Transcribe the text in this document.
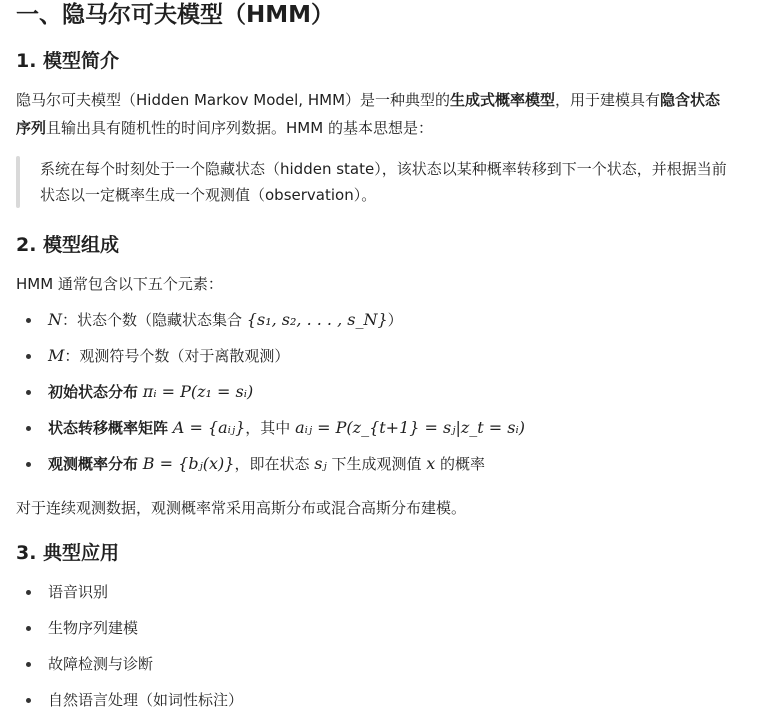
一、隐马尔可夫模型（HMM）
1. 模型简介
隐马尔可夫模型（Hidden Markov Model, HMM）是一种典型的生成式概率模型，用于建模具有隐含状态
序列且输出具有随机性的时间序列数据。HMM 的基本思想是：
系统在每个时刻处于一个隐藏状态（hidden state），该状态以某种概率转移到下一个状态，并根据当前
状态以一定概率生成一个观测值（observation）。
2. 模型组成
HMM 通常包含以下五个元素：
N：状态个数（隐藏状态集合 {s₁, s₂, . . . , s_N}）
M：观测符号个数（对于离散观测）
初始状态分布 πᵢ = P(z₁ = sᵢ)
状态转移概率矩阵 A = {aᵢⱼ}，其中 aᵢⱼ = P(z_{t+1} = sⱼ|z_t = sᵢ)
观测概率分布 B = {bⱼ(x)}，即在状态 sⱼ 下生成观测值 x 的概率
对于连续观测数据，观测概率常采用高斯分布或混合高斯分布建模。
3. 典型应用
语音识别
生物序列建模
故障检测与诊断
自然语言处理（如词性标注）
